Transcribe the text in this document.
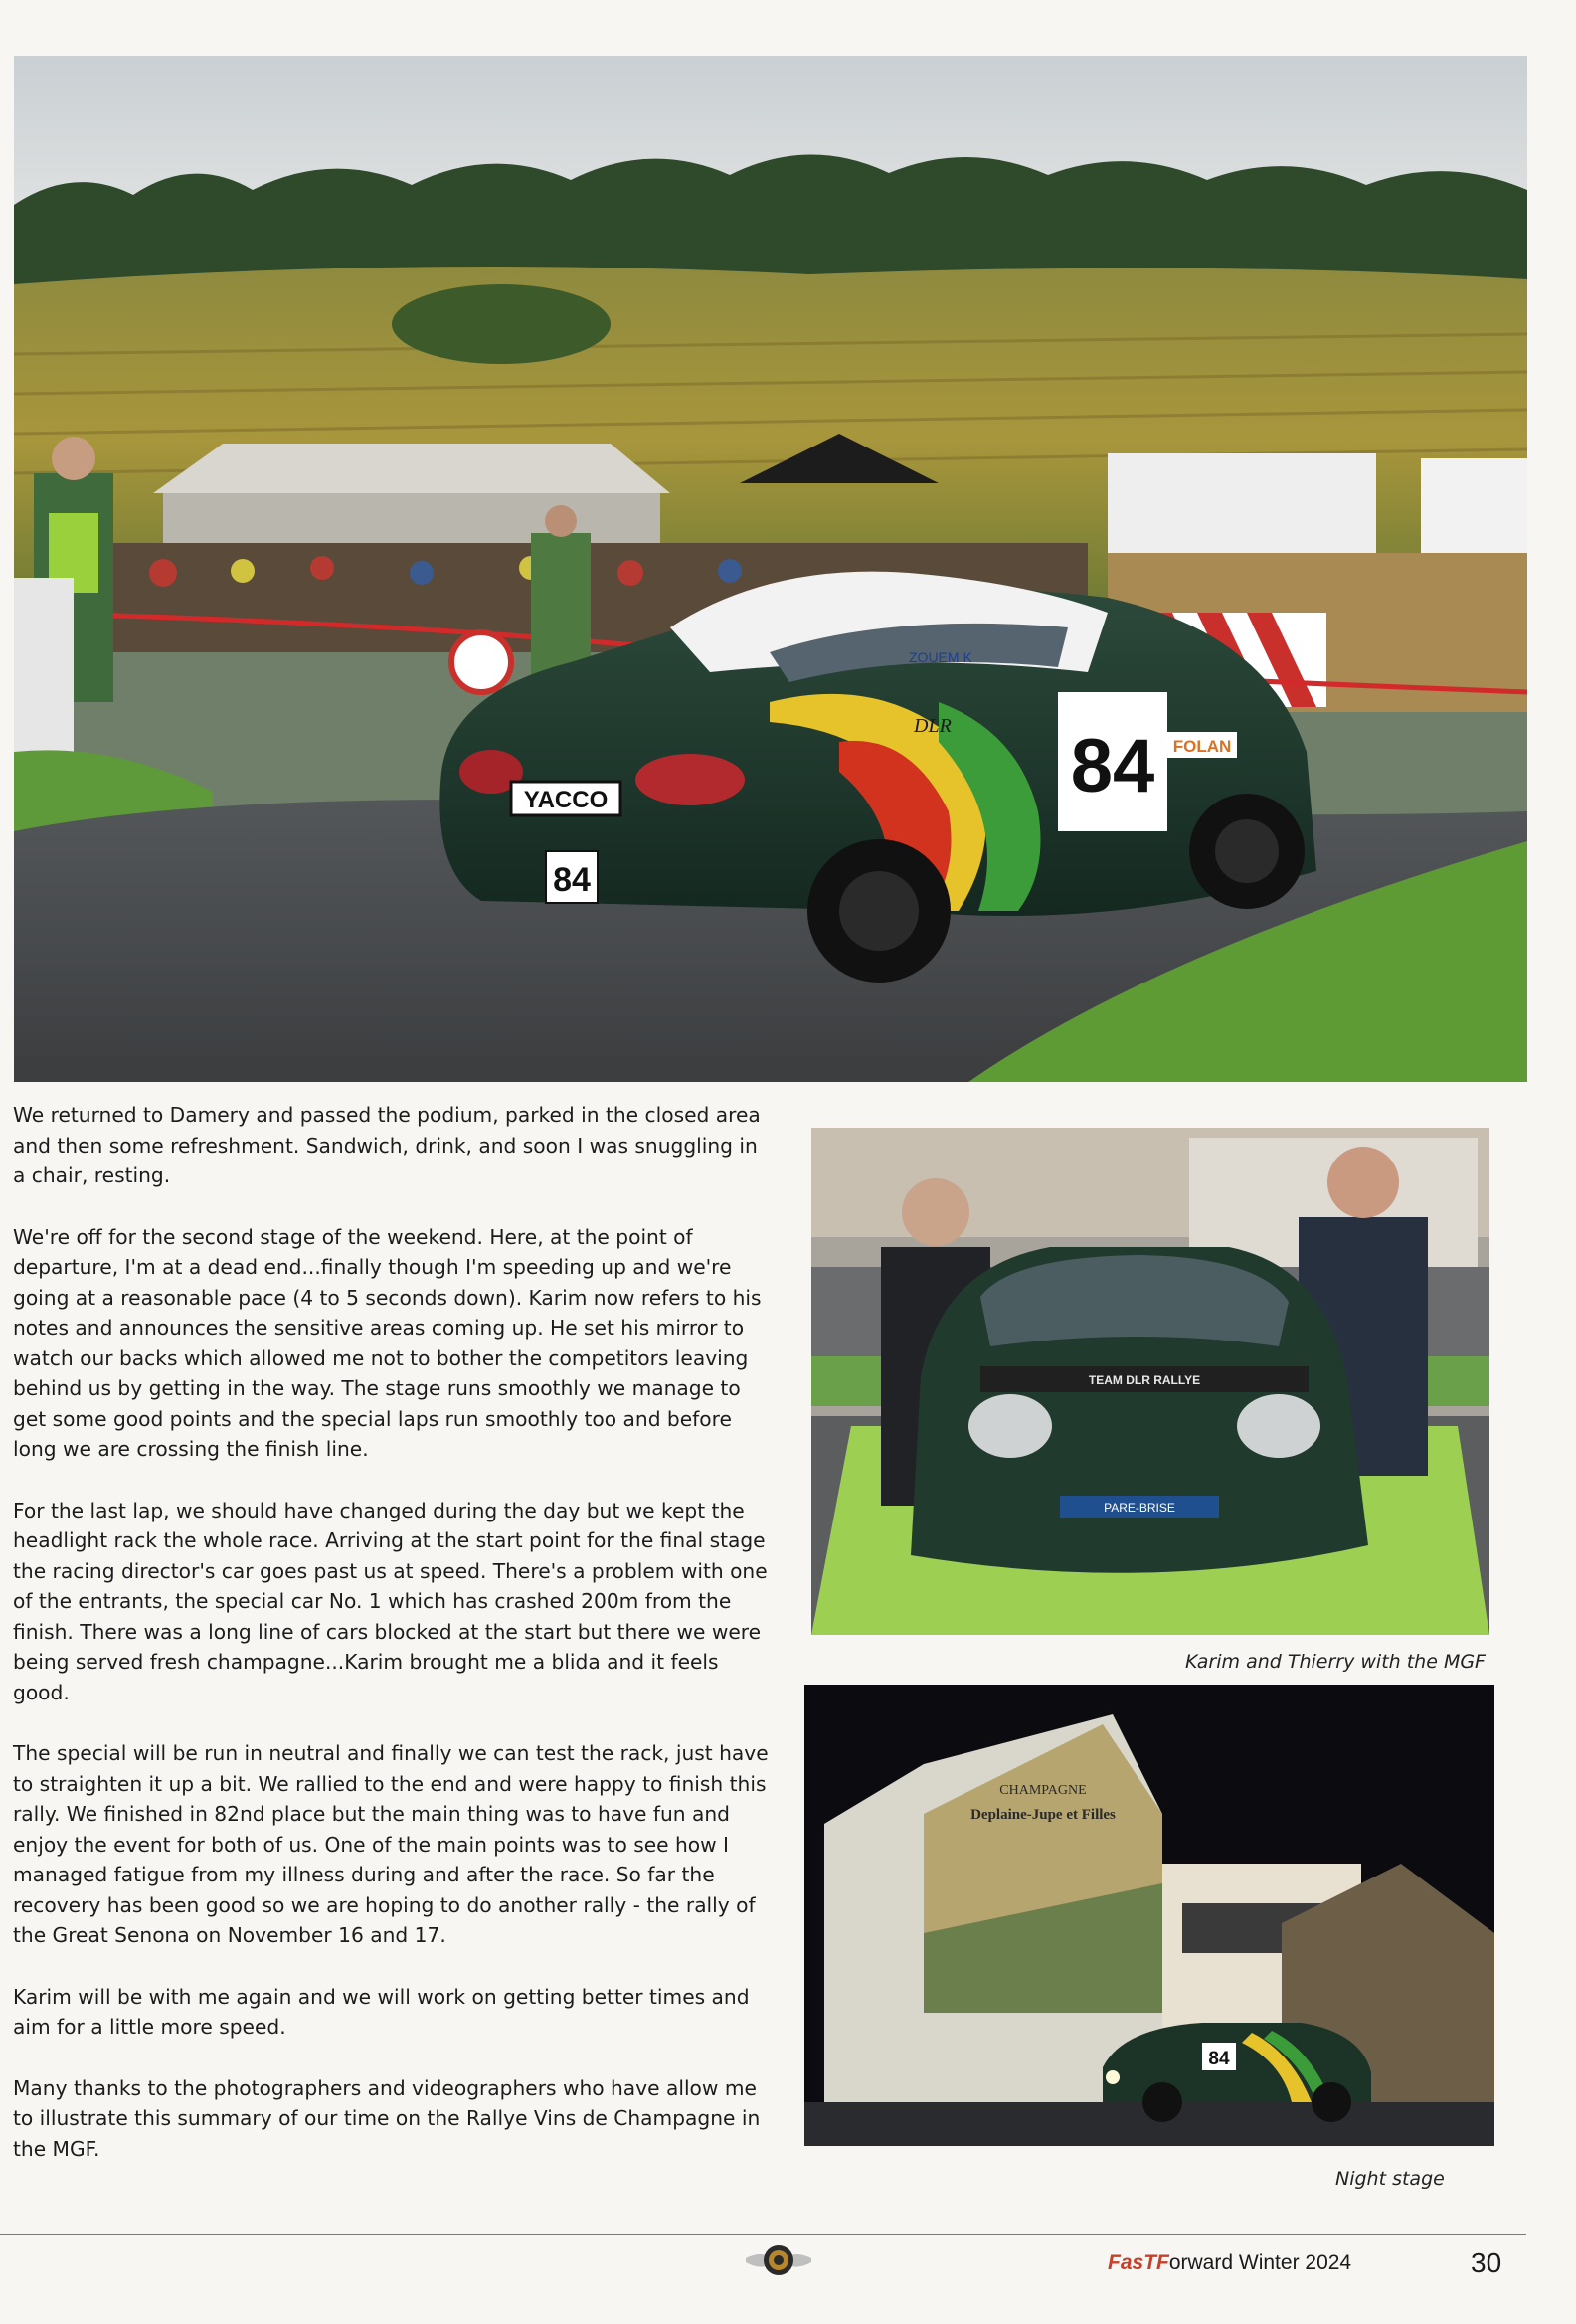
84 FOLAN
ZOUEM K
DLR
YACCO
84
TEAM DLR RALLYE
PARE-BRISE
Karim and Thierry with the MGF
CHAMPAGNE
Deplaine-Jupe et Filles
84
Night stage

We returned to Damery and passed the podium, parked in the closed area and then some refreshment. Sandwich, drink, and soon I was snuggling in a chair, resting.

We're off for the second stage of the weekend. Here, at the point of departure, I'm at a dead end...finally though I'm speeding up and we're going at a reasonable pace (4 to 5 seconds down). Karim now refers to his notes and announces the sensitive areas coming up. He set his mirror to watch our backs which allowed me not to bother the competitors leaving behind us by getting in the way. The stage runs smoothly we manage to get some good points and the special laps run smoothly too and before long we are crossing the finish line.

For the last lap, we should have changed during the day but we kept the headlight rack the whole race. Arriving at the start point for the final stage the racing director's car goes past us at speed. There's a problem with one of the entrants, the special car No. 1 which has crashed 200m from the finish. There was a long line of cars blocked at the start but there we were being served fresh champagne...Karim brought me a blida and it feels good.

The special will be run in neutral and finally we can test the rack, just have to straighten it up a bit. We rallied to the end and were happy to finish this rally. We finished in 82nd place but the main thing was to have fun and enjoy the event for both of us. One of the main points was to see how I managed fatigue from my illness during and after the race. So far the recovery has been good so we are hoping to do another rally - the rally of the Great Senona on November 16 and 17.

Karim will be with me again and we will work on getting better times and aim for a little more speed.

Many thanks to the photographers and videographers who have allow me to illustrate this summary of our time on the Rallye Vins de Champagne in the MGF.

FasTForward Winter 2024	30
